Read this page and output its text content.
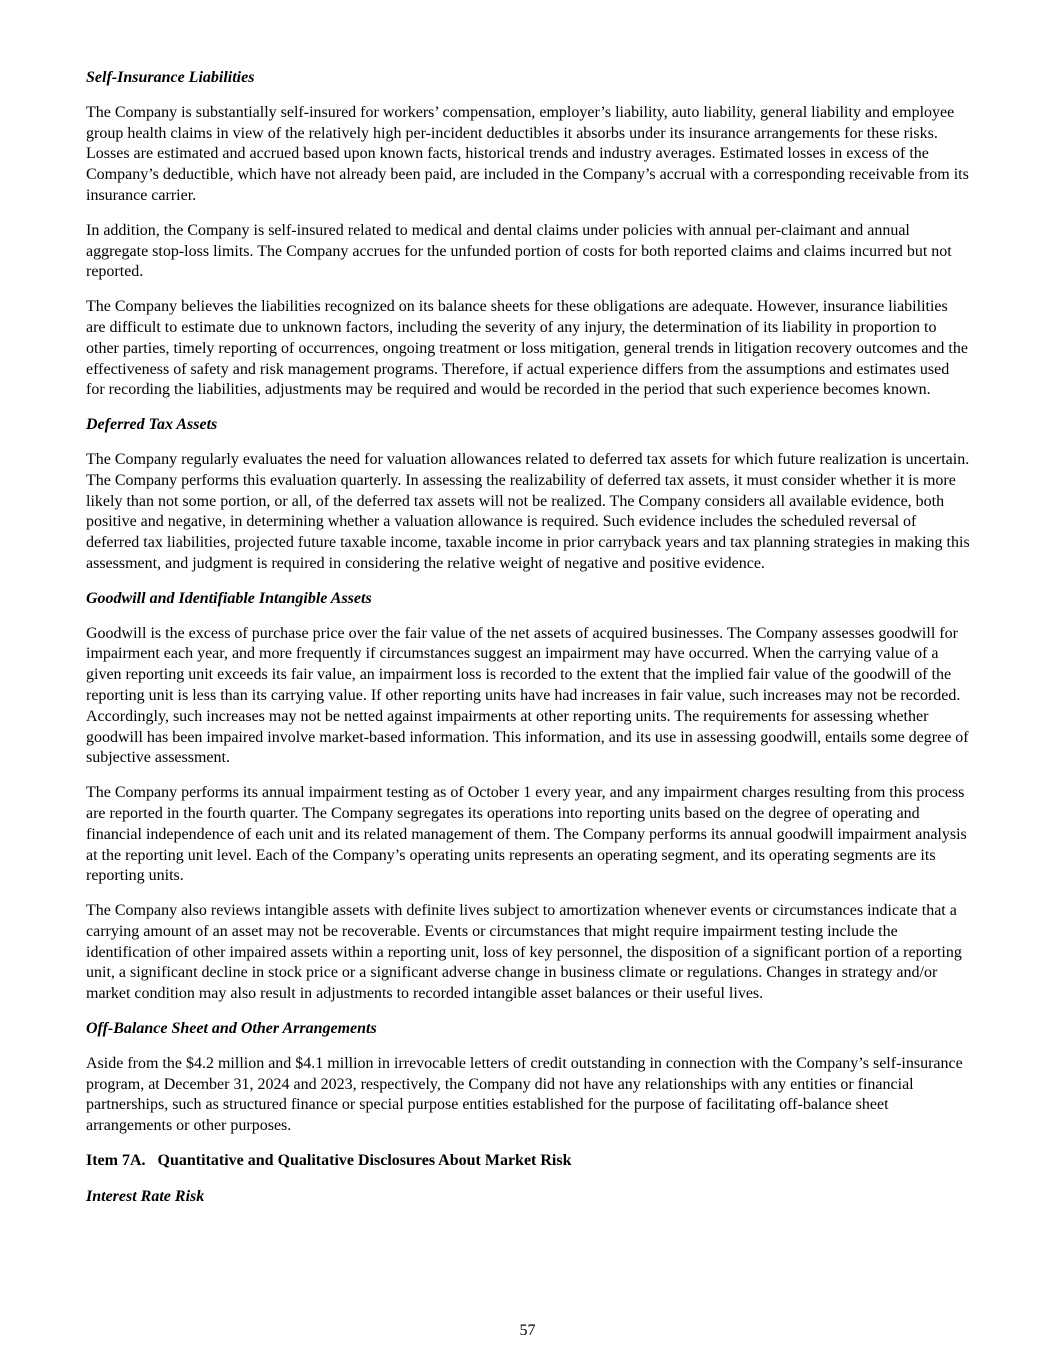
Self-Insurance Liabilities

The Company is substantially self-insured for workers’ compensation, employer’s liability, auto liability, general liability and employee group health claims in view of the relatively high per-incident deductibles it absorbs under its insurance arrangements for these risks. Losses are estimated and accrued based upon known facts, historical trends and industry averages. Estimated losses in excess of the Company’s deductible, which have not already been paid, are included in the Company’s accrual with a corresponding receivable from its insurance carrier.

In addition, the Company is self-insured related to medical and dental claims under policies with annual per-claimant and annual aggregate stop-loss limits. The Company accrues for the unfunded portion of costs for both reported claims and claims incurred but not reported.

The Company believes the liabilities recognized on its balance sheets for these obligations are adequate. However, insurance liabilities are difficult to estimate due to unknown factors, including the severity of any injury, the determination of its liability in proportion to other parties, timely reporting of occurrences, ongoing treatment or loss mitigation, general trends in litigation recovery outcomes and the effectiveness of safety and risk management programs. Therefore, if actual experience differs from the assumptions and estimates used for recording the liabilities, adjustments may be required and would be recorded in the period that such experience becomes known.

Deferred Tax Assets

The Company regularly evaluates the need for valuation allowances related to deferred tax assets for which future realization is uncertain. The Company performs this evaluation quarterly. In assessing the realizability of deferred tax assets, it must consider whether it is more likely than not some portion, or all, of the deferred tax assets will not be realized. The Company considers all available evidence, both positive and negative, in determining whether a valuation allowance is required. Such evidence includes the scheduled reversal of deferred tax liabilities, projected future taxable income, taxable income in prior carryback years and tax planning strategies in making this assessment, and judgment is required in considering the relative weight of negative and positive evidence.

Goodwill and Identifiable Intangible Assets

Goodwill is the excess of purchase price over the fair value of the net assets of acquired businesses. The Company assesses goodwill for impairment each year, and more frequently if circumstances suggest an impairment may have occurred. When the carrying value of a given reporting unit exceeds its fair value, an impairment loss is recorded to the extent that the implied fair value of the goodwill of the reporting unit is less than its carrying value. If other reporting units have had increases in fair value, such increases may not be recorded. Accordingly, such increases may not be netted against impairments at other reporting units. The requirements for assessing whether goodwill has been impaired involve market-based information. This information, and its use in assessing goodwill, entails some degree of subjective assessment.

The Company performs its annual impairment testing as of October 1 every year, and any impairment charges resulting from this process are reported in the fourth quarter. The Company segregates its operations into reporting units based on the degree of operating and financial independence of each unit and its related management of them. The Company performs its annual goodwill impairment analysis at the reporting unit level. Each of the Company’s operating units represents an operating segment, and its operating segments are its reporting units.

The Company also reviews intangible assets with definite lives subject to amortization whenever events or circumstances indicate that a carrying amount of an asset may not be recoverable. Events or circumstances that might require impairment testing include the identification of other impaired assets within a reporting unit, loss of key personnel, the disposition of a significant portion of a reporting unit, a significant decline in stock price or a significant adverse change in business climate or regulations. Changes in strategy and/or market condition may also result in adjustments to recorded intangible asset balances or their useful lives.

Off-Balance Sheet and Other Arrangements

Aside from the $4.2 million and $4.1 million in irrevocable letters of credit outstanding in connection with the Company’s self-insurance program, at December 31, 2024 and 2023, respectively, the Company did not have any relationships with any entities or financial partnerships, such as structured finance or special purpose entities established for the purpose of facilitating off-balance sheet arrangements or other purposes.

Item 7A. Quantitative and Qualitative Disclosures About Market Risk
Interest Rate Risk
57
